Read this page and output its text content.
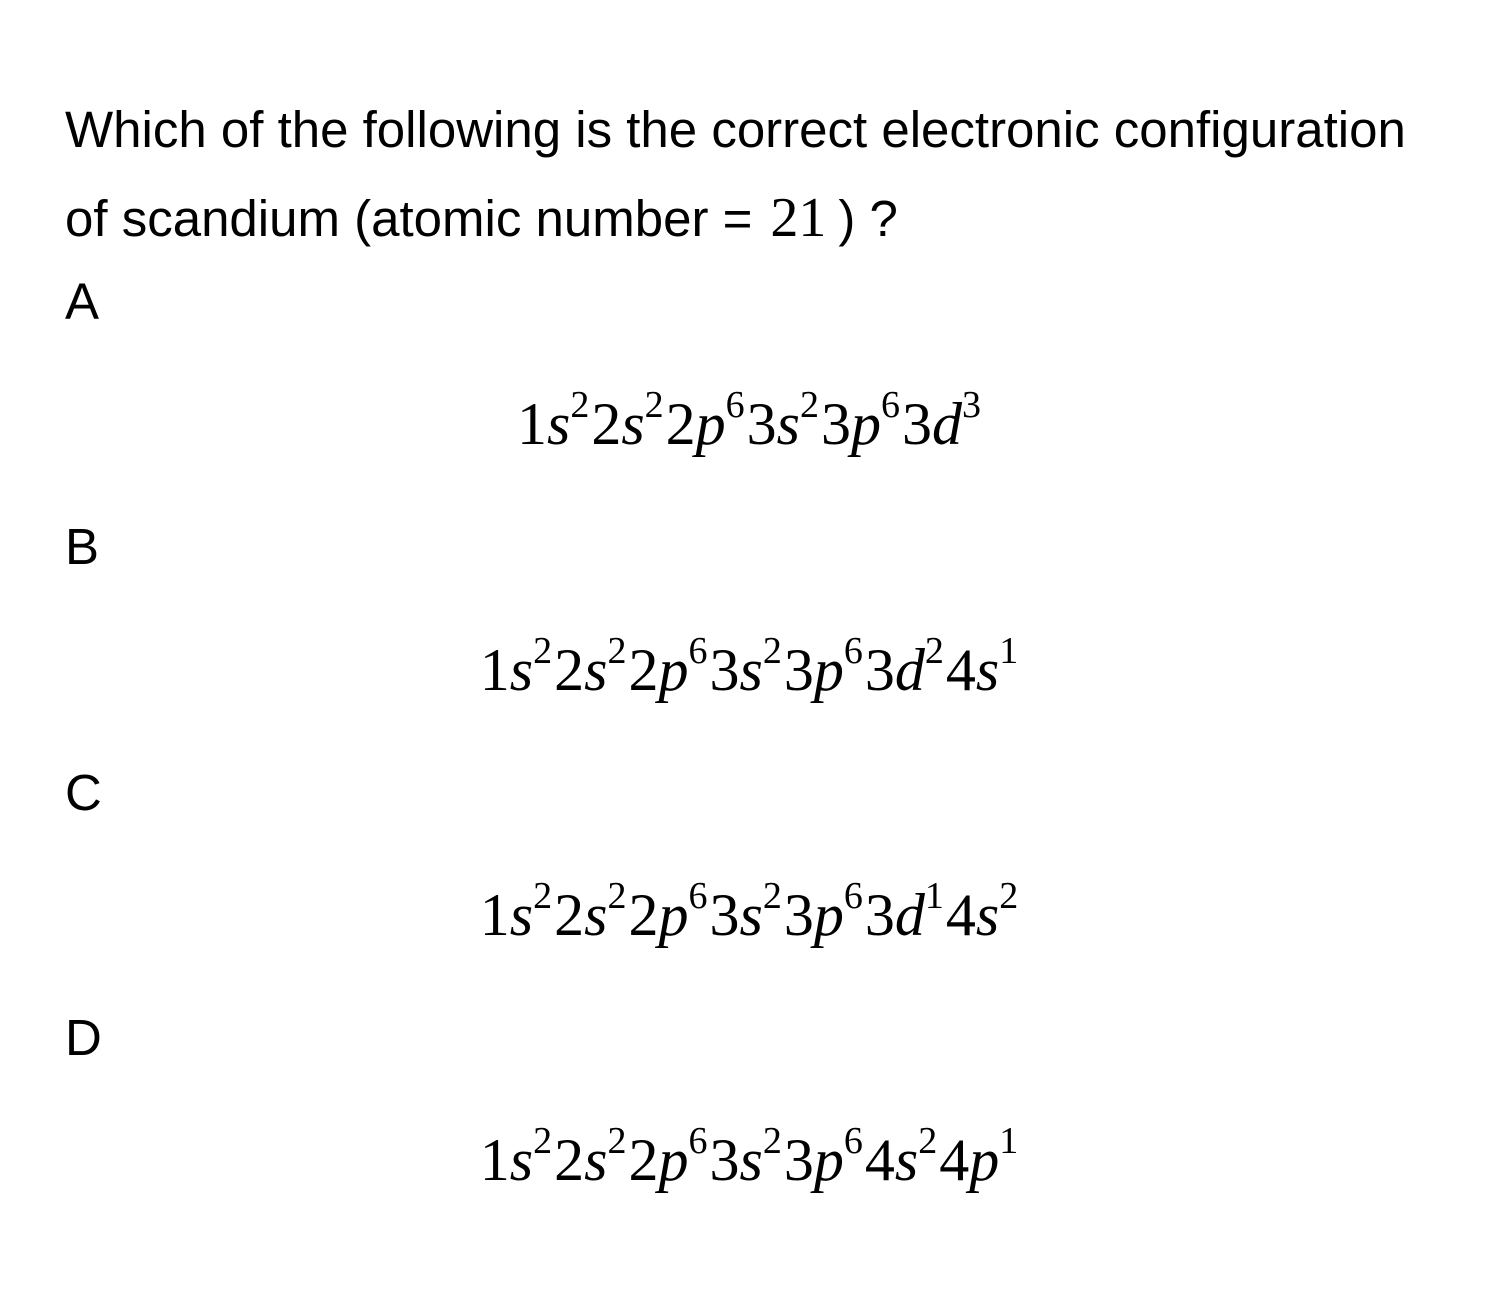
Which of the following is the correct electronic configuration of scandium (atomic number = 21 ) ?
A
$1s^22s^22p^63s^23p^63d^3$
B
$1s^22s^22p^63s^23p^63d^24s^1$
C
$1s^22s^22p^63s^23p^63d^14s^2$
D
$1s^22s^22p^63s^23p^64s^24p^1$
